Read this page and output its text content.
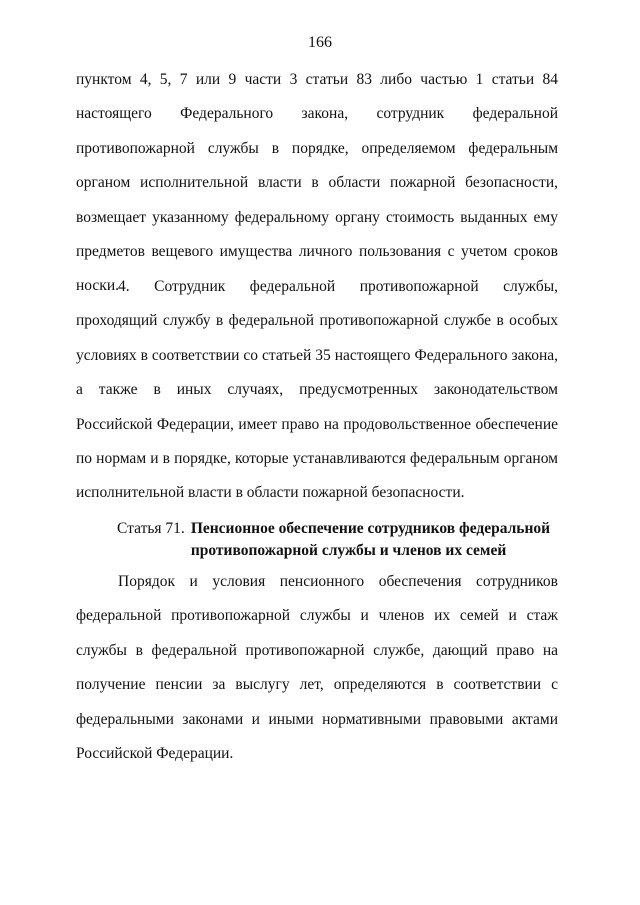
166

пунктом 4, 5, 7 или 9 части 3 статьи 83 либо частью 1 статьи 84 настоящего Федерального закона, сотрудник федеральной противопожарной службы в порядке, определяемом федеральным органом исполнительной власти в области пожарной безопасности, возмещает указанному федеральному органу стоимость выданных ему предметов вещевого имущества личного пользования с учетом сроков носки.

4. Сотрудник федеральной противопожарной службы, проходящий службу в федеральной противопожарной службе в особых условиях в соответствии со статьей 35 настоящего Федерального закона, а также в иных случаях, предусмотренных законодательством Российской Федерации, имеет право на продовольственное обеспечение по нормам и в порядке, которые устанавливаются федеральным органом исполнительной власти в области пожарной безопасности.

Статья 71. Пенсионное обеспечение сотрудников федеральной противопожарной службы и членов их семей

Порядок и условия пенсионного обеспечения сотрудников федеральной противопожарной службы и членов их семей и стаж службы в федеральной противопожарной службе, дающий право на получение пенсии за выслугу лет, определяются в соответствии с федеральными законами и иными нормативными правовыми актами Российской Федерации.
